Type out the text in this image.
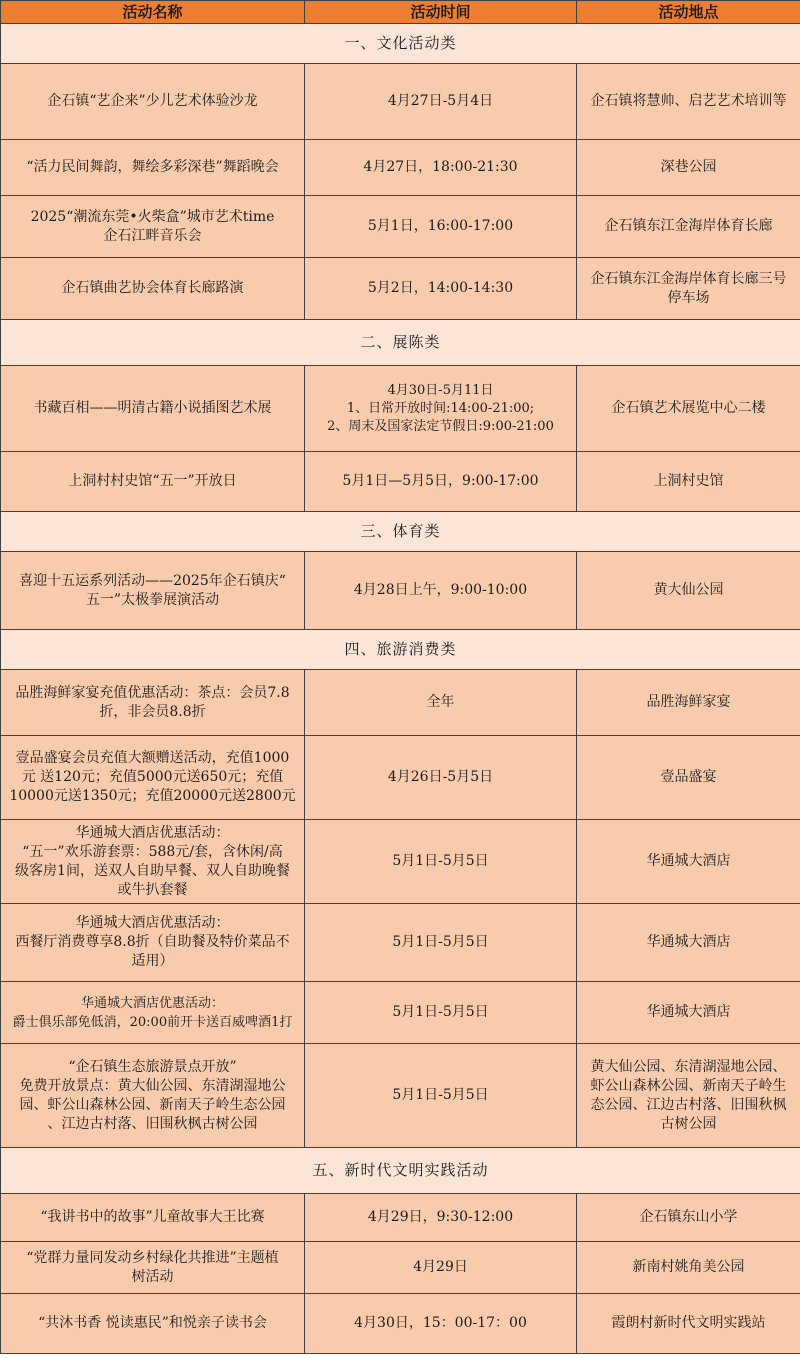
活动名称	活动时间	活动地点
一、文化活动类		

企石镇“艺企来”少儿艺术体验沙龙	4月27日-5月4日	企石镇将慧帅、启艺艺术培训等

“活力民间舞韵，舞绘多彩深巷”舞蹈晚会	4月27日，18:00-21:30	深巷公园

2025“潮流东莞•火柴盒”城市艺术time
企石江畔音乐会	5月1日，16:00-17:00	企石镇东江金海岸体育长廊

企石镇曲艺协会体育长廊路演	5月2日，14:00-14:30	企石镇东江金海岸体育长廊三号
停车场

二、展陈类		

书藏百相——明清古籍小说插图艺术展	4月30日-5月11日
1、日常开放时间:14:00-21:00;
2、周末及国家法定节假日:9:00-21:00	企石镇艺术展览中心二楼

上洞村村史馆“五一”开放日	5月1日—5月5日，9:00-17:00	上洞村史馆

三、体育类		

喜迎十五运系列活动——2025年企石镇庆“
五一”太极拳展演活动	4月28日上午，9:00-10:00	黄大仙公园

四、旅游消费类		

品胜海鲜家宴充值优惠活动：茶点：会员7.8
折，非会员8.8折	全年	品胜海鲜家宴

壹品盛宴会员充值大额赠送活动，充值1000
元 送120元；充值5000元送650元；充值
10000元送1350元；充值20000元送2800元	4月26日-5月5日	壹品盛宴

华通城大酒店优惠活动：
“五一”欢乐游套票：588元/套，含休闲/高
级客房1间，送双人自助早餐、双人自助晚餐
或牛扒套餐	5月1日-5月5日	华通城大酒店

华通城大酒店优惠活动：
西餐厅消费尊享8.8折（自助餐及特价菜品不
适用）	5月1日-5月5日	华通城大酒店

华通城大酒店优惠活动：
爵士俱乐部免低消，20:00前开卡送百威啤酒1打	5月1日-5月5日	华通城大酒店

“企石镇生态旅游景点开放”
免费开放景点：黄大仙公园、东清湖湿地公
园、虾公山森林公园、新南天子岭生态公园
、江边古村落、旧围秋枫古树公园	5月1日-5月5日	黄大仙公园、东清湖湿地公园、
虾公山森林公园、新南天子岭生
态公园、江边古村落、旧围秋枫
古树公园

五、新时代文明实践活动		

“我讲书中的故事”儿童故事大王比赛	4月29日，9:30-12:00	企石镇东山小学

“党群力量同发动乡村绿化共推进”主题植
树活动	4月29日	新南村姚角美公园

“共沐书香 悦读惠民”和悦亲子读书会	4月30日，15：00-17：00	霞朗村新时代文明实践站
